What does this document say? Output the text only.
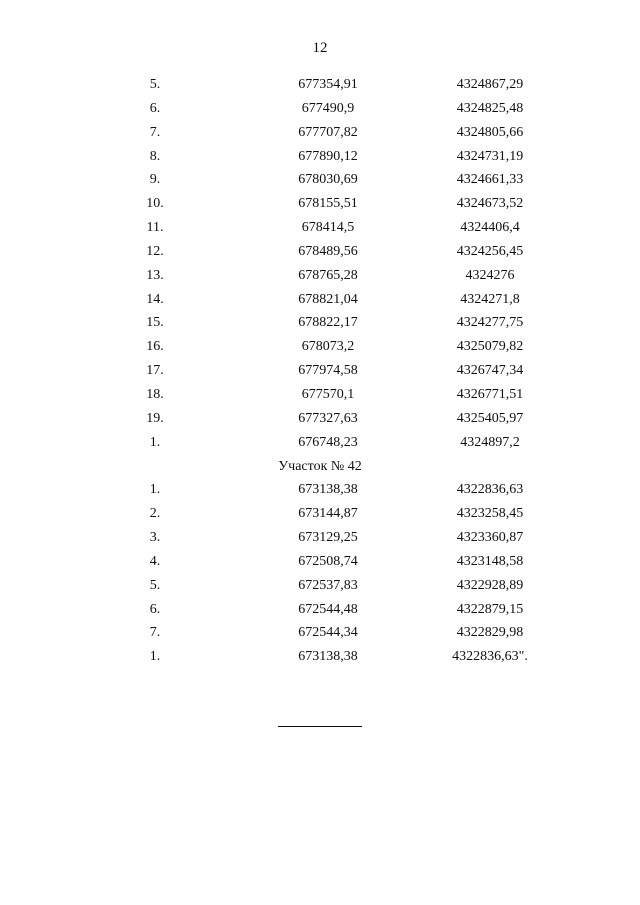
12
5.	677354,91	4324867,29
6.	677490,9	4324825,48
7.	677707,82	4324805,66
8.	677890,12	4324731,19
9.	678030,69	4324661,33
10.	678155,51	4324673,52
11.	678414,5	4324406,4
12.	678489,56	4324256,45
13.	678765,28	4324276
14.	678821,04	4324271,8
15.	678822,17	4324277,75
16.	678073,2	4325079,82
17.	677974,58	4326747,34
18.	677570,1	4326771,51
19.	677327,63	4325405,97
1.	676748,23	4324897,2
Участок № 42
1.	673138,38	4322836,63
2.	673144,87	4323258,45
3.	673129,25	4323360,87
4.	672508,74	4323148,58
5.	672537,83	4322928,89
6.	672544,48	4322879,15
7.	672544,34	4322829,98
1.	673138,38	4322836,63".
